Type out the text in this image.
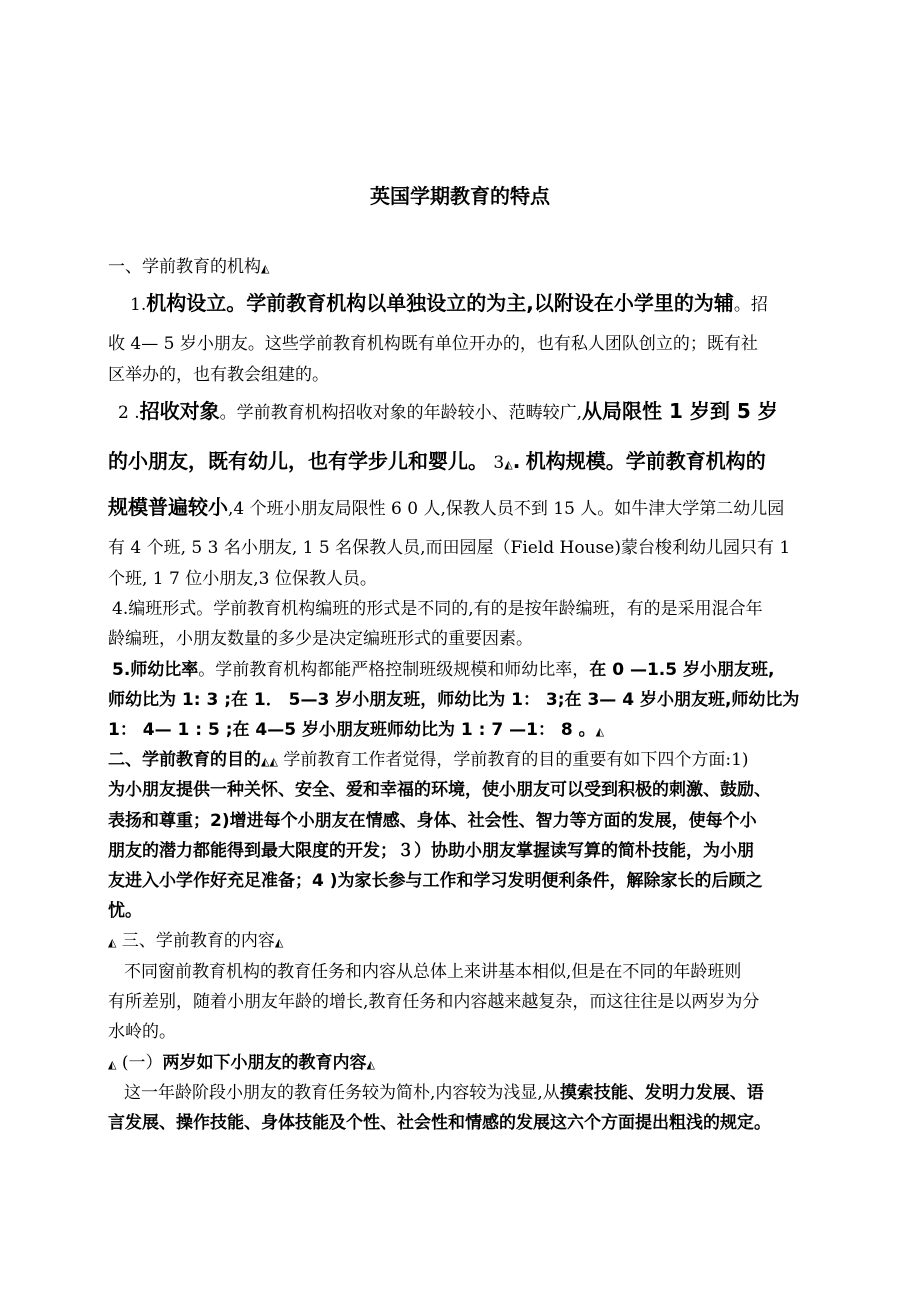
英国学期教育的特点
一、学前教育的机构◭
1.机构设立。学前教育机构以单独设立的为主,以附设在小学里的为辅。招
收 4— 5 岁小朋友。这些学前教育机构既有单位开办的，也有私人团队创立的；既有社
区举办的，也有教会组建的。
2 .招收对象。学前教育机构招收对象的年龄较小、范畴较广,从局限性 1 岁到 5 岁
的小朋友，既有幼儿，也有学步儿和婴儿。 3◭. 机构规模。学前教育机构的
规模普遍较小,4 个班小朋友局限性 6 0 人,保教人员不到 15 人。如牛津大学第二幼儿园
有 4 个班, 5 3 名小朋友, 1 5 名保教人员,而田园屋（Field House)蒙台梭利幼儿园只有 1
个班, 1 7 位小朋友,3 位保教人员。
4.编班形式。学前教育机构编班的形式是不同的,有的是按年龄编班，有的是采用混合年
龄编班，小朋友数量的多少是决定编班形式的重要因素。
5.师幼比率。学前教育机构都能严格控制班级规模和师幼比率，在 0 —1.5 岁小朋友班,
师幼比为 1: 3 ;在 1． 5—3 岁小朋友班，师幼比为 1： 3;在 3— 4 岁小朋友班,师幼比为
1： 4— 1 : 5 ;在 4—5 岁小朋友班师幼比为 1 : 7 —1： 8 。◭
二、学前教育的目的◭◭ 学前教育工作者觉得，学前教育的目的重要有如下四个方面:1)
为小朋友提供一种关怀、安全、爱和幸福的环境，使小朋友可以受到积极的刺激、鼓励、
表扬和尊重；2)增进每个小朋友在情感、身体、社会性、智力等方面的发展，使每个小
朋友的潜力都能得到最大限度的开发；３）协助小朋友掌握读写算的简朴技能，为小朋
友进入小学作好充足准备；4 )为家长参与工作和学习发明便利条件，解除家长的后顾之
忧。
◭ 三、学前教育的内容◭
不同窗前教育机构的教育任务和内容从总体上来讲基本相似,但是在不同的年龄班则
有所差别，随着小朋友年龄的增长,教育任务和内容越来越复杂，而这往往是以两岁为分
水岭的。
◭ (一）两岁如下小朋友的教育内容◭
这一年龄阶段小朋友的教育任务较为简朴,内容较为浅显,从摸索技能、发明力发展、语
言发展、操作技能、身体技能及个性、社会性和情感的发展这六个方面提出粗浅的规定。
